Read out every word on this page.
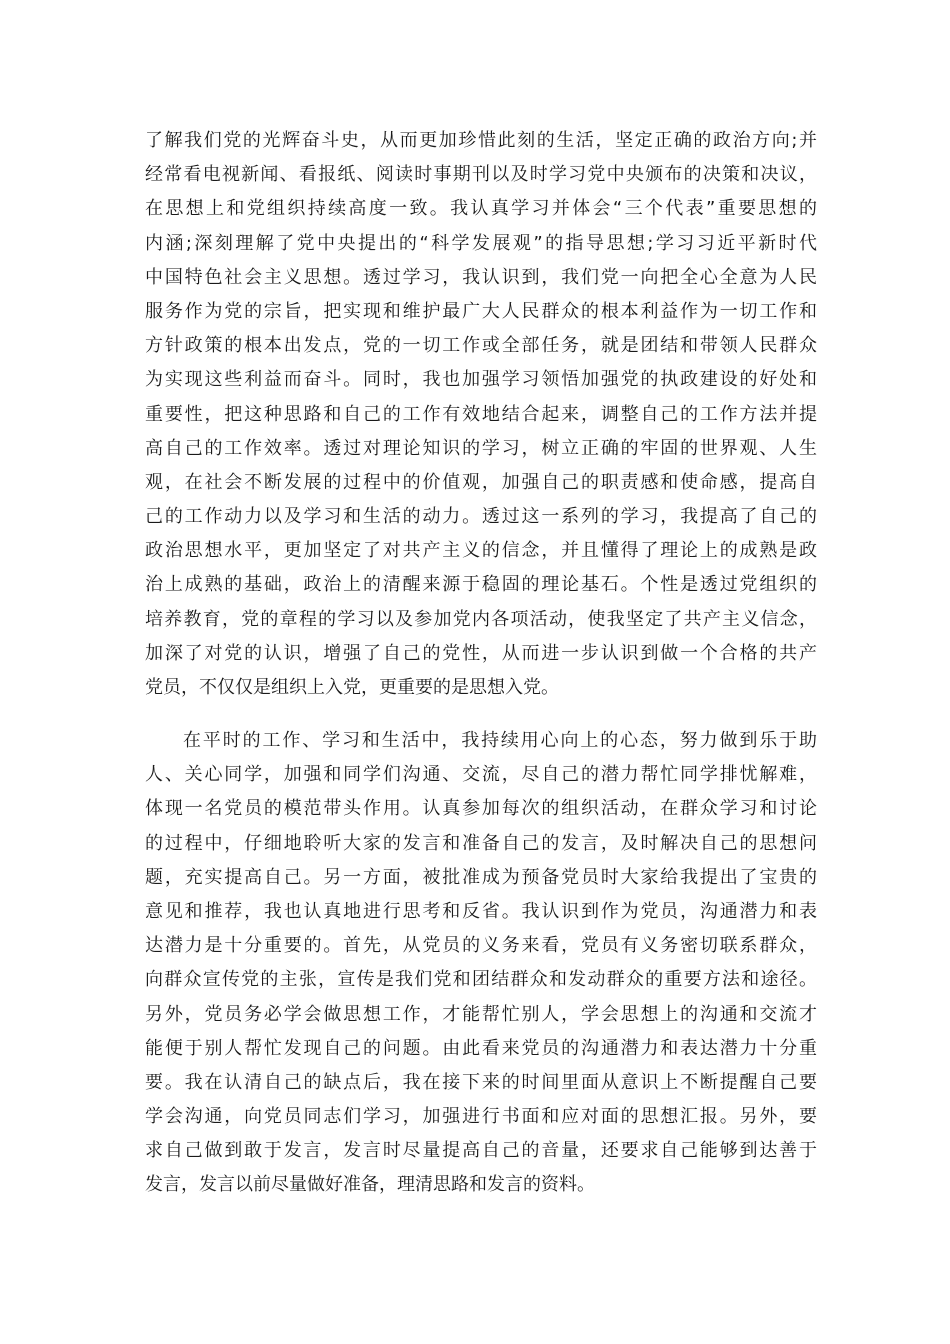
了解我们党的光辉奋斗史，从而更加珍惜此刻的生活，坚定正确的政治方向;并
经常看电视新闻、看报纸、阅读时事期刊以及时学习党中央颁布的决策和决议，
在思想上和党组织持续高度一致。我认真学习并体会“三个代表”重要思想的
内涵;深刻理解了党中央提出的“科学发展观”的指导思想;学习习近平新时代
中国特色社会主义思想。透过学习，我认识到，我们党一向把全心全意为人民
服务作为党的宗旨，把实现和维护最广大人民群众的根本利益作为一切工作和
方针政策的根本出发点，党的一切工作或全部任务，就是团结和带领人民群众
为实现这些利益而奋斗。同时，我也加强学习领悟加强党的执政建设的好处和
重要性，把这种思路和自己的工作有效地结合起来，调整自己的工作方法并提
高自己的工作效率。透过对理论知识的学习，树立正确的牢固的世界观、人生
观，在社会不断发展的过程中的价值观，加强自己的职责感和使命感，提高自
己的工作动力以及学习和生活的动力。透过这一系列的学习，我提高了自己的
政治思想水平，更加坚定了对共产主义的信念，并且懂得了理论上的成熟是政
治上成熟的基础，政治上的清醒来源于稳固的理论基石。个性是透过党组织的
培养教育，党的章程的学习以及参加党内各项活动，使我坚定了共产主义信念，
加深了对党的认识，增强了自己的党性，从而进一步认识到做一个合格的共产
党员，不仅仅是组织上入党，更重要的是思想入党。
在平时的工作、学习和生活中，我持续用心向上的心态，努力做到乐于助
人、关心同学，加强和同学们沟通、交流，尽自己的潜力帮忙同学排忧解难，
体现一名党员的模范带头作用。认真参加每次的组织活动，在群众学习和讨论
的过程中，仔细地聆听大家的发言和准备自己的发言，及时解决自己的思想问
题，充实提高自己。另一方面，被批准成为预备党员时大家给我提出了宝贵的
意见和推荐，我也认真地进行思考和反省。我认识到作为党员，沟通潜力和表
达潜力是十分重要的。首先，从党员的义务来看，党员有义务密切联系群众，
向群众宣传党的主张，宣传是我们党和团结群众和发动群众的重要方法和途径。
另外，党员务必学会做思想工作，才能帮忙别人，学会思想上的沟通和交流才
能便于别人帮忙发现自己的问题。由此看来党员的沟通潜力和表达潜力十分重
要。我在认清自己的缺点后，我在接下来的时间里面从意识上不断提醒自己要
学会沟通，向党员同志们学习，加强进行书面和应对面的思想汇报。另外，要
求自己做到敢于发言，发言时尽量提高自己的音量，还要求自己能够到达善于
发言，发言以前尽量做好准备，理清思路和发言的资料。
